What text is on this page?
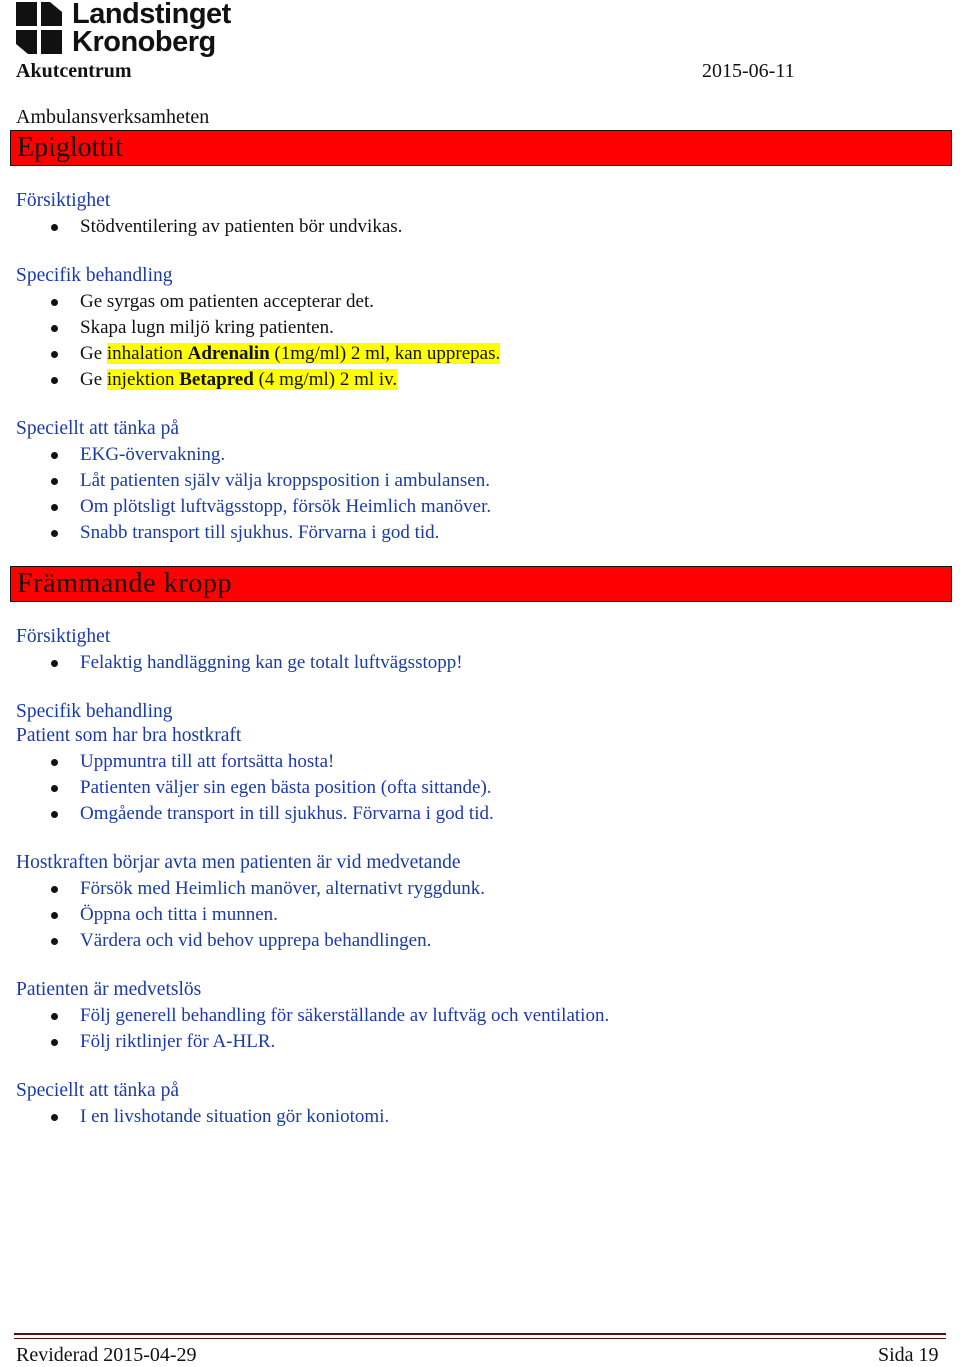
Landstinget
Kronoberg
Akutcentrum	2015-06-11
Ambulansverksamheten
Epiglottit
Försiktighet
Stödventilering av patienten bör undvikas.
Specifik behandling
Ge syrgas om patienten accepterar det.
Skapa lugn miljö kring patienten.
Ge inhalation Adrenalin (1mg/ml) 2 ml, kan upprepas.
Ge injektion Betapred (4 mg/ml) 2 ml iv.
Speciellt att tänka på
EKG-övervakning.
Låt patienten själv välja kroppsposition i ambulansen.
Om plötsligt luftvägsstopp, försök Heimlich manöver.
Snabb transport till sjukhus. Förvarna i god tid.
Främmande kropp
Försiktighet
Felaktig handläggning kan ge totalt luftvägsstopp!
Specifik behandling
Patient som har bra hostkraft
Uppmuntra till att fortsätta hosta!
Patienten väljer sin egen bästa position (ofta sittande).
Omgående transport in till sjukhus. Förvarna i god tid.
Hostkraften börjar avta men patienten är vid medvetande
Försök med Heimlich manöver, alternativt ryggdunk.
Öppna och titta i munnen.
Värdera och vid behov upprepa behandlingen.
Patienten är medvetslös
Följ generell behandling för säkerställande av luftväg och ventilation.
Följ riktlinjer för A-HLR.
Speciellt att tänka på
I en livshotande situation gör koniotomi.
Reviderad 2015-04-29	Sida 19
